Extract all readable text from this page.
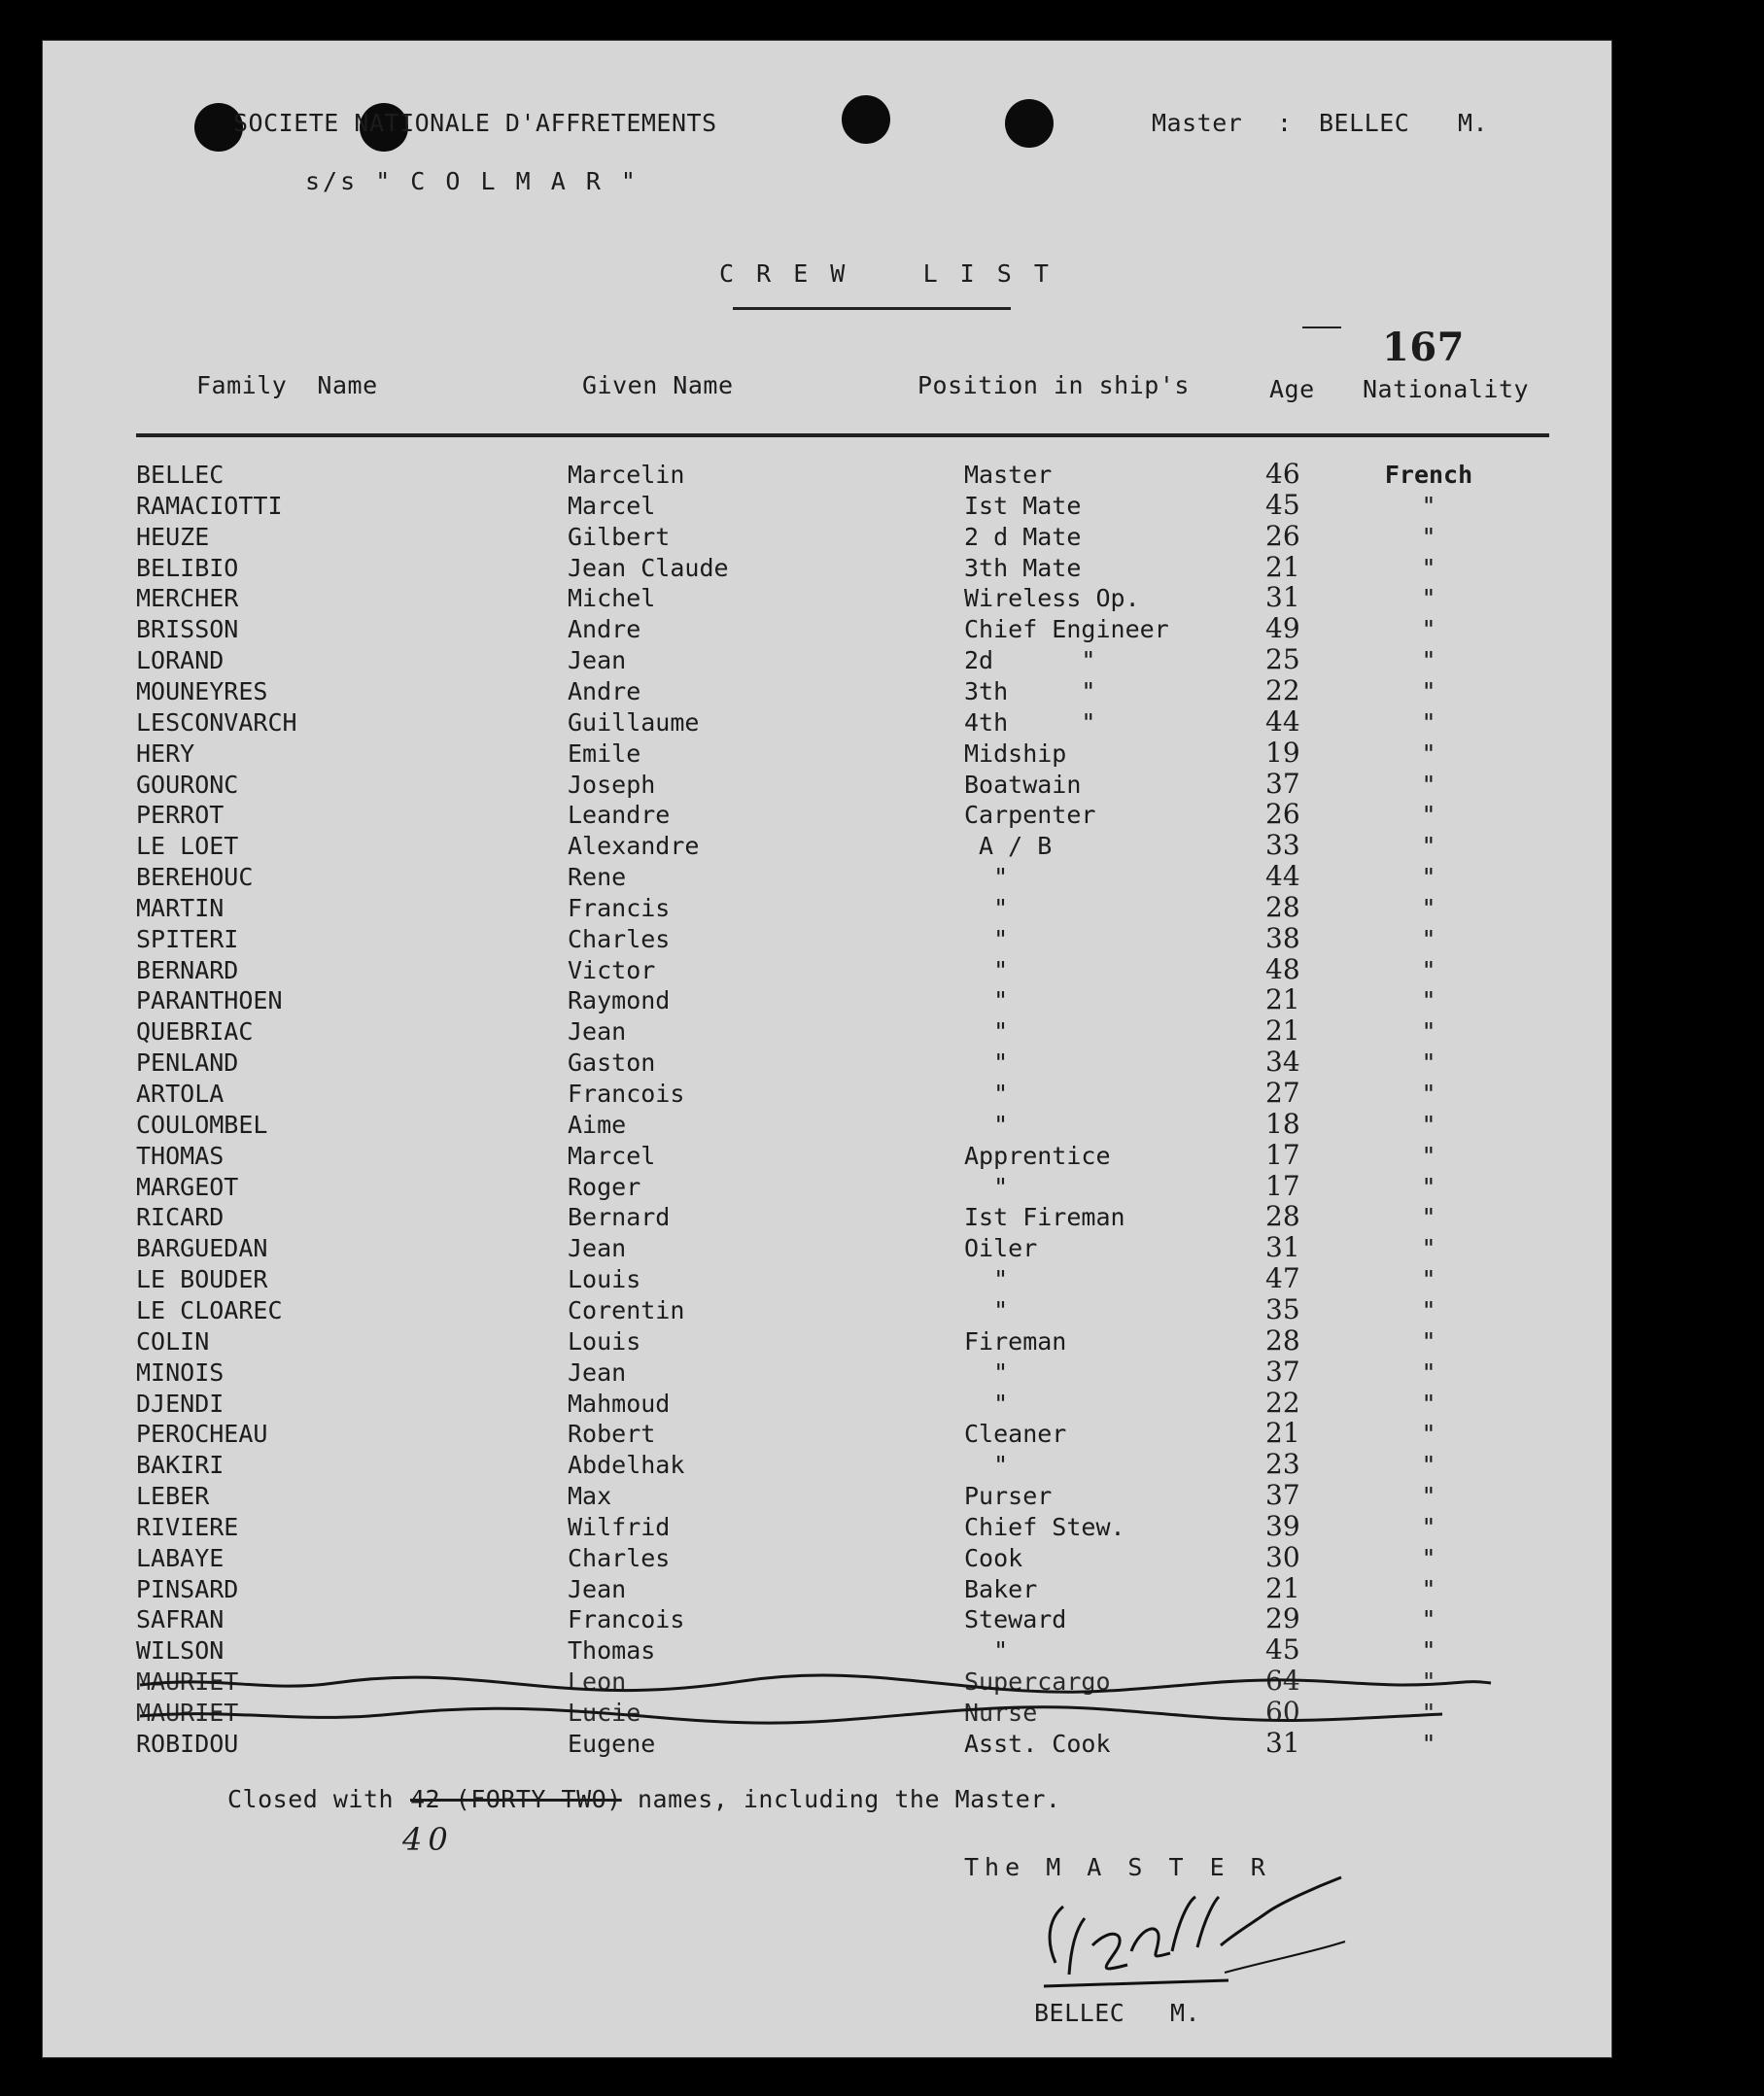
SOCIETE NATIONALE D'AFFRETEMENTS	Master : BELLEC M.
s/s " C O L M A R "
C R E W    L I S T
167
Family  Name	Given Name	Position in ship's	Age Nationality
BELLEC	Marcelin	Master	46	French
RAMACIOTTI	Marcel	Ist Mate	45	"
HEUZE	Gilbert	2 d Mate	26	"
BELIBIO	Jean Claude	3th Mate	21	"
MERCHER	Michel	Wireless Op.	31	"
BRISSON	Andre	Chief Engineer	49	"
LORAND	Jean	2d      "	25	"
MOUNEYRES	Andre	3th     "	22	"
LESCONVARCH	Guillaume	4th     "	44	"
HERY	Emile	Midship	19	"
GOURONC	Joseph	Boatwain	37	"
PERROT	Leandre	Carpenter	26	"
LE LOET	Alexandre	A / B	33	"
BEREHOUC	Rene	"	44	"
MARTIN	Francis	"	28	"
SPITERI	Charles	"	38	"
BERNARD	Victor	"	48	"
PARANTHOEN	Raymond	"	21	"
QUEBRIAC	Jean	"	21	"
PENLAND	Gaston	"	34	"
ARTOLA	Francois	"	27	"
COULOMBEL	Aime	"	18	"
THOMAS	Marcel	Apprentice	17	"
MARGEOT	Roger	"	17	"
RICARD	Bernard	Ist Fireman	28	"
BARGUEDAN	Jean	Oiler	31	"
LE BOUDER	Louis	"	47	"
LE CLOAREC	Corentin	"	35	"
COLIN	Louis	Fireman	28	"
MINOIS	Jean	"	37	"
DJENDI	Mahmoud	"	22	"
PEROCHEAU	Robert	Cleaner	21	"
BAKIRI	Abdelhak	"	23	"
LEBER	Max	Purser	37	"
RIVIERE	Wilfrid	Chief Stew.	39	"
LABAYE	Charles	Cook	30	"
PINSARD	Jean	Baker	21	"
SAFRAN	Francois	Steward	29	"
WILSON	Thomas	"	45	"
MAURIET	Leon	Supercargo	64	"
MAURIET	Lucie	Nurse	60	"
ROBIDOU	Eugene	Asst. Cook	31	"
Closed with 42 (FORTY TWO) names, including the Master.
40
The M A S T E R
BELLEC   M.
